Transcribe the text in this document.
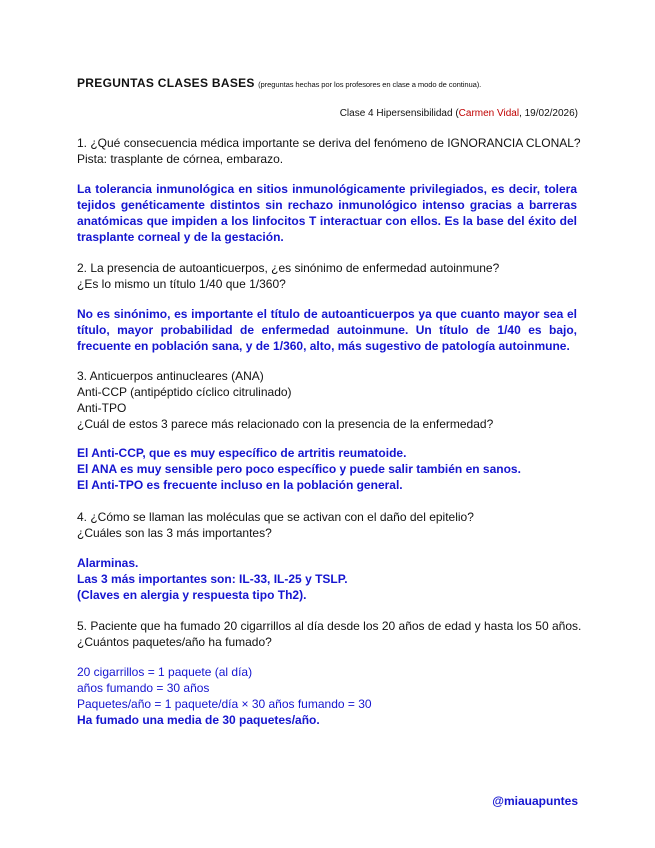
PREGUNTAS CLASES BASES (preguntas hechas por los profesores en clase a modo de continua).
Clase 4 Hipersensibilidad (Carmen Vidal, 19/02/2026)
1. ¿Qué consecuencia médica importante se deriva del fenómeno de IGNORANCIA CLONAL?
Pista: trasplante de córnea, embarazo.
La tolerancia inmunológica en sitios inmunológicamente privilegiados, es decir, tolera tejidos genéticamente distintos sin rechazo inmunológico intenso gracias a barreras anatómicas que impiden a los linfocitos T interactuar con ellos. Es la base del éxito del trasplante corneal y de la gestación.
2. La presencia de autoanticuerpos, ¿es sinónimo de enfermedad autoinmune?
¿Es lo mismo un título 1/40 que 1/360?
No es sinónimo, es importante el título de autoanticuerpos ya que cuanto mayor sea el título, mayor probabilidad de enfermedad autoinmune. Un título de 1/40 es bajo, frecuente en población sana, y de 1/360, alto, más sugestivo de patología autoinmune.
3. Anticuerpos antinucleares (ANA)
Anti-CCP (antipéptido cíclico citrulinado)
Anti-TPO
¿Cuál de estos 3 parece más relacionado con la presencia de la enfermedad?
El Anti-CCP, que es muy específico de artritis reumatoide.
El ANA es muy sensible pero poco específico y puede salir también en sanos.
El Anti-TPO es frecuente incluso en la población general.
4. ¿Cómo se llaman las moléculas que se activan con el daño del epitelio?
¿Cuáles son las 3 más importantes?
Alarminas.
Las 3 más importantes son: IL-33, IL-25 y TSLP.
(Claves en alergia y respuesta tipo Th2).
5. Paciente que ha fumado 20 cigarrillos al día desde los 20 años de edad y hasta los 50 años.
¿Cuántos paquetes/año ha fumado?
20 cigarrillos = 1 paquete (al día)
años fumando = 30 años
Paquetes/año = 1 paquete/día × 30 años fumando = 30
Ha fumado una media de 30 paquetes/año.
@miauapuntes
